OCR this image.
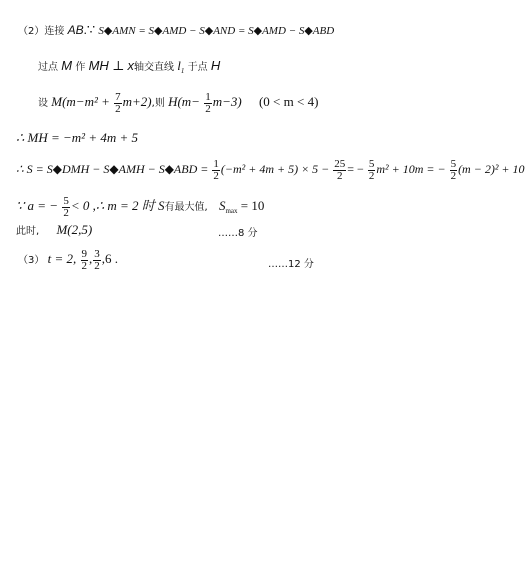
（2）连接 AB.∵ S◆AMN = S◆AMD − S◆AND = S◆AMD − S◆ABD
过点 M 作 MH ⊥ x轴交直线 $l_1$ 于点 H
设 $M(m-m^2 + \frac{7}{2} m+2)$,则 $H(m- \frac{1}{2} m-3)$ (0 < m < 4)
∴ MH = −m² + 4m + 5
∴ S = S◆DMH − S◆AMH − S◆ABD = $\frac{1}{2} (-m^2 + 4m + 5) \times 5 - \frac{25}{2}$ = − $\frac{5}{2} m^2 + 10m$ = − $\frac{5}{2} (m - 2)^2 + 10$
∵ a = − $\frac{5}{2} < 0$ ,∴ m = 2 时 S有最大值, $S_{max} = 10$
此时, M(2,5)	……8 分
（3） t = 2, $\frac{9}{2}$ , $\frac{3}{2} ,6$ .	……12 分
